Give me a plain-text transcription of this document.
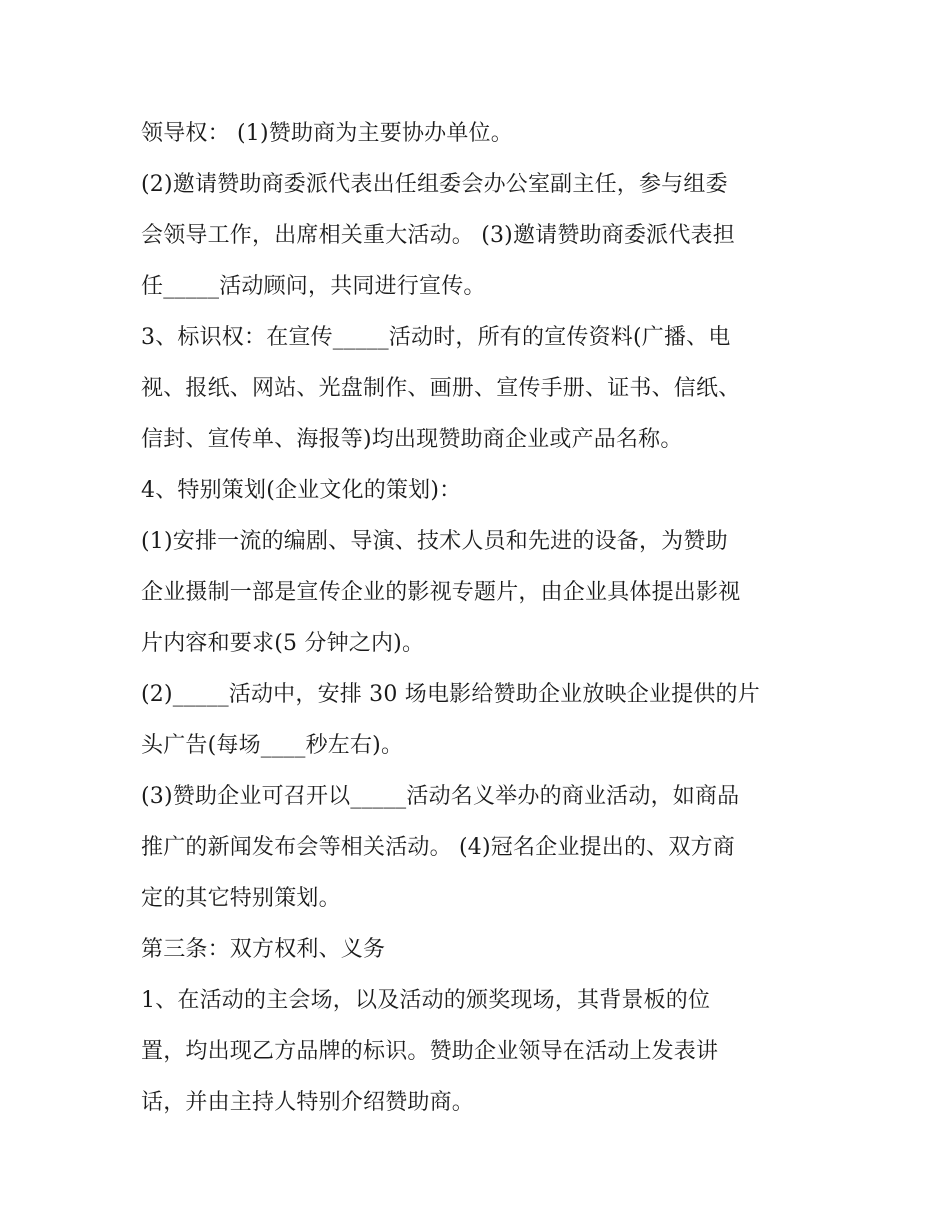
领导权： (1)赞助商为主要协办单位。

(2)邀请赞助商委派代表出任组委会办公室副主任，参与组委

会领导工作，出席相关重大活动。 (3)邀请赞助商委派代表担

任_____活动顾问，共同进行宣传。

3、标识权：在宣传_____活动时，所有的宣传资料(广播、电

视、报纸、网站、光盘制作、画册、宣传手册、证书、信纸、

信封、宣传单、海报等)均出现赞助商企业或产品名称。

4、特别策划(企业文化的策划)：

(1)安排一流的编剧、导演、技术人员和先进的设备，为赞助

企业摄制一部是宣传企业的影视专题片，由企业具体提出影视

片内容和要求(5 分钟之内)。

(2)_____活动中，安排 30 场电影给赞助企业放映企业提供的片

头广告(每场____秒左右)。

(3)赞助企业可召开以_____活动名义举办的商业活动，如商品

推广的新闻发布会等相关活动。 (4)冠名企业提出的、双方商

定的其它特别策划。

第三条：双方权利、义务

1、在活动的主会场，以及活动的颁奖现场，其背景板的位

置，均出现乙方品牌的标识。赞助企业领导在活动上发表讲

话，并由主持人特别介绍赞助商。
